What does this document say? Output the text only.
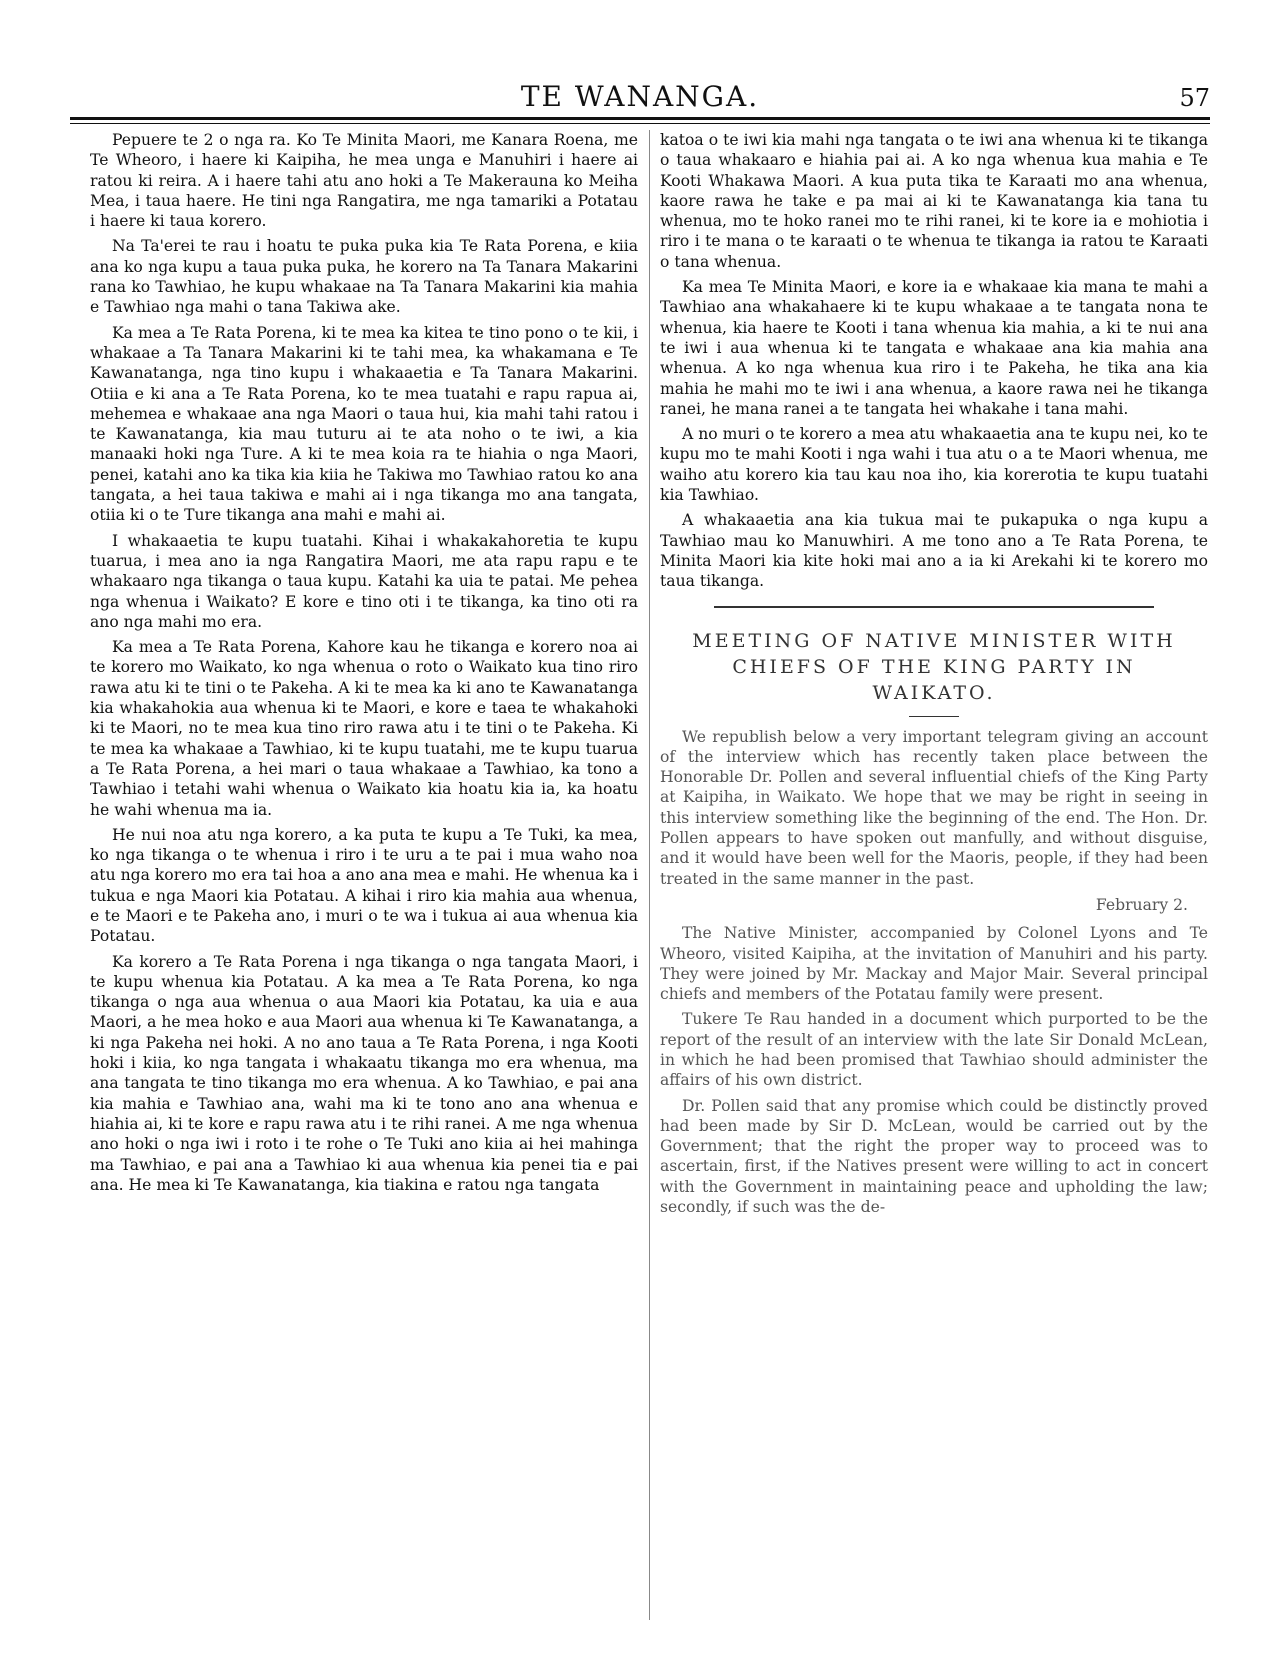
TE WANANGA.	57

Pepuere te 2 o nga ra. Ko Te Minita Maori, me Kanara Roena, me Te Wheoro, i haere ki Kaipiha, he mea unga e Manuhiri i haere ai ratou ki reira. A i haere tahi atu ano hoki a Te Makerauna ko Meiha Mea, i taua haere. He tini nga Rangatira, me nga tamariki a Potatau i haere ki taua korero.

Na Ta'erei te rau i hoatu te puka puka kia Te Rata Porena, e kiia ana ko nga kupu a taua puka puka, he korero na Ta Tanara Makarini rana ko Tawhiao, he kupu whakaae na Ta Tanara Makarini kia mahia e Tawhiao nga mahi o tana Takiwa ake.

Ka mea a Te Rata Porena, ki te mea ka kitea te tino pono o te kii, i whakaae a Ta Tanara Makarini ki te tahi mea, ka whakamana e Te Kawanatanga, nga tino kupu i whakaaetia e Ta Tanara Makarini. Otiia e ki ana a Te Rata Porena, ko te mea tuatahi e rapu rapua ai, mehemea e whakaae ana nga Maori o taua hui, kia mahi tahi ratou i te Kawanatanga, kia mau tuturu ai te ata noho o te iwi, a kia manaaki hoki nga Ture. A ki te mea koia ra te hiahia o nga Maori, penei, katahi ano ka tika kia kiia he Takiwa mo Tawhiao ratou ko ana tangata, a hei taua takiwa e mahi ai i nga tikanga mo ana tangata, otiia ki o te Ture tikanga ana mahi e mahi ai.

I whakaaetia te kupu tuatahi. Kihai i whakakahoretia te kupu tuarua, i mea ano ia nga Rangatira Maori, me ata rapu rapu e te whakaaro nga tikanga o taua kupu. Katahi ka uia te patai. Me pehea nga whenua i Waikato? E kore e tino oti i te tikanga, ka tino oti ra ano nga mahi mo era.

Ka mea a Te Rata Porena, Kahore kau he tikanga e korero noa ai te korero mo Waikato, ko nga whenua o roto o Waikato kua tino riro rawa atu ki te tini o te Pakeha. A ki te mea ka ki ano te Kawanatanga kia whakahokia aua whenua ki te Maori, e kore e taea te whakahoki ki te Maori, no te mea kua tino riro rawa atu i te tini o te Pakeha. Ki te mea ka whakaae a Tawhiao, ki te kupu tuatahi, me te kupu tuarua a Te Rata Porena, a hei mari o taua whakaae a Tawhiao, ka tono a Tawhiao i tetahi wahi whenua o Waikato kia hoatu kia ia, ka hoatu he wahi whenua ma ia.

He nui noa atu nga korero, a ka puta te kupu a Te Tuki, ka mea, ko nga tikanga o te whenua i riro i te uru a te pai i mua waho noa atu nga korero mo era tai hoa a ano ana mea e mahi. He whenua ka i tukua e nga Maori kia Potatau. A kihai i riro kia mahia aua whenua, e te Maori e te Pakeha ano, i muri o te wa i tukua ai aua whenua kia Potatau.

Ka korero a Te Rata Porena i nga tikanga o nga tangata Maori, i te kupu whenua kia Potatau. A ka mea a Te Rata Porena, ko nga tikanga o nga aua whenua o aua Maori kia Potatau, ka uia e aua Maori, a he mea hoko e aua Maori aua whenua ki Te Kawanatanga, a ki nga Pakeha nei hoki. A no ano taua a Te Rata Porena, i nga Kooti hoki i kiia, ko nga tangata i whakaatu tikanga mo era whenua, ma ana tangata te tino tikanga mo era whenua. A ko Tawhiao, e pai ana kia mahia e Tawhiao ana, wahi ma ki te tono ano ana whenua e hiahia ai, ki te kore e rapu rawa atu i te rihi ranei. A me nga whenua ano hoki o nga iwi i roto i te rohe o Te Tuki ano kiia ai hei mahinga ma Tawhiao, e pai ana a Tawhiao ki aua whenua kia penei tia e pai ana. He mea ki Te Kawanatanga, kia tiakina e ratou nga tangata

katoa o te iwi kia mahi nga tangata o te iwi ana whenua ki te tikanga o taua whakaaro e hiahia pai ai. A ko nga whenua kua mahia e Te Kooti Whakawa Maori. A kua puta tika te Karaati mo ana whenua, kaore rawa he take e pa mai ai ki te Kawanatanga kia tana tu whenua, mo te hoko ranei mo te rihi ranei, ki te kore ia e mohiotia i riro i te mana o te karaati o te whenua te tikanga ia ratou te Karaati o tana whenua.

Ka mea Te Minita Maori, e kore ia e whakaae kia mana te mahi a Tawhiao ana whakahaere ki te kupu whakaae a te tangata nona te whenua, kia haere te Kooti i tana whenua kia mahia, a ki te nui ana te iwi i aua whenua ki te tangata e whakaae ana kia mahia ana whenua. A ko nga whenua kua riro i te Pakeha, he tika ana kia mahia he mahi mo te iwi i ana whenua, a kaore rawa nei he tikanga ranei, he mana ranei a te tangata hei whakahe i tana mahi.

A no muri o te korero a mea atu whakaaetia ana te kupu nei, ko te kupu mo te mahi Kooti i nga wahi i tua atu o a te Maori whenua, me waiho atu korero kia tau kau noa iho, kia korerotia te kupu tuatahi kia Tawhiao.

A whakaaetia ana kia tukua mai te pukapuka o nga kupu a Tawhiao mau ko Manuwhiri. A me tono ano a Te Rata Porena, te Minita Maori kia kite hoki mai ano a ia ki Arekahi ki te korero mo taua tikanga.

MEETING OF NATIVE MINISTER WITH CHIEFS OF THE KING PARTY IN WAIKATO.

We republish below a very important telegram giving an account of the interview which has recently taken place between the Honorable Dr. Pollen and several influential chiefs of the King Party at Kaipiha, in Waikato. We hope that we may be right in seeing in this interview something like the beginning of the end. The Hon. Dr. Pollen appears to have spoken out manfully, and without disguise, and it would have been well for the Maoris, people, if they had been treated in the same manner in the past.

February 2.

The Native Minister, accompanied by Colonel Lyons and Te Wheoro, visited Kaipiha, at the invitation of Manuhiri and his party. They were joined by Mr. Mackay and Major Mair. Several principal chiefs and members of the Potatau family were present.

Tukere Te Rau handed in a document which purported to be the report of the result of an interview with the late Sir Donald McLean, in which he had been promised that Tawhiao should administer the affairs of his own district.

Dr. Pollen said that any promise which could be distinctly proved had been made by Sir D. McLean, would be carried out by the Government; that the right the proper way to proceed was to ascertain, first, if the Natives present were willing to act in concert with the Government in maintaining peace and upholding the law; secondly, if such was the de-
